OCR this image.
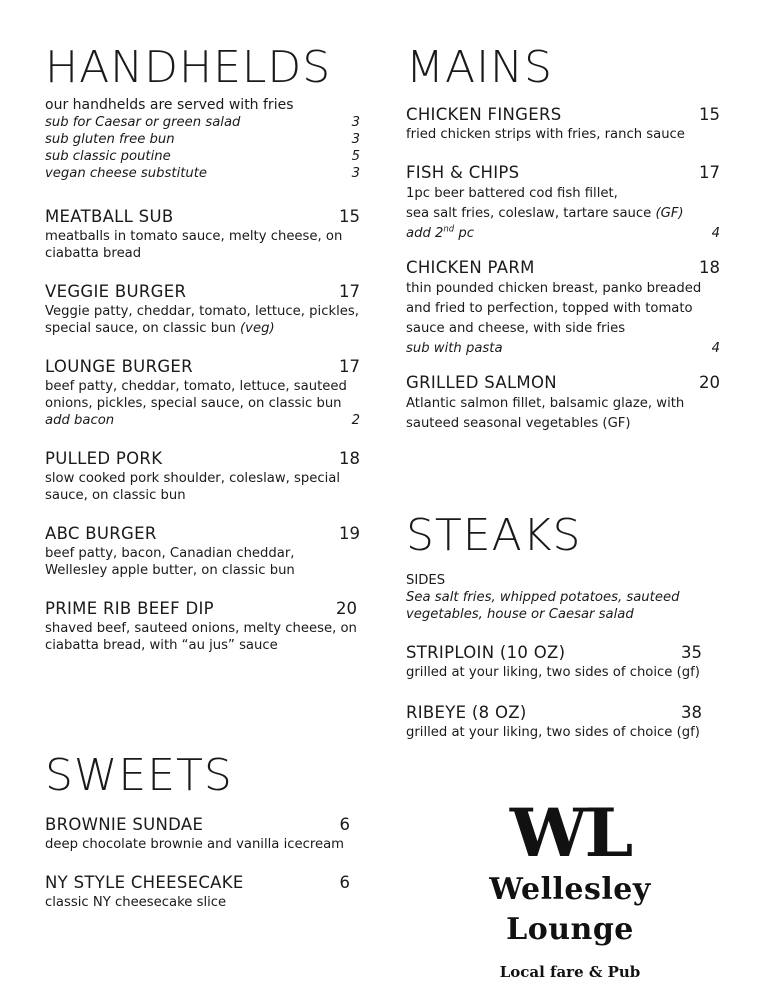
HANDHELDS
our handhelds are served with fries
sub for Caesar or green salad	3
sub gluten free bun	3
sub classic poutine	5
vegan cheese substitute	3
MEATBALL SUB	15
meatballs in tomato sauce, melty cheese, on ciabatta bread
VEGGIE BURGER	17
Veggie patty, cheddar, tomato, lettuce, pickles, special sauce, on classic bun (veg)
LOUNGE BURGER	17
beef patty, cheddar, tomato, lettuce, sauteed onions, pickles, special sauce, on classic bun
add bacon	2
PULLED PORK	18
slow cooked pork shoulder, coleslaw, special sauce, on classic bun
ABC BURGER	19
beef patty, bacon, Canadian cheddar, Wellesley apple butter, on classic bun
PRIME RIB BEEF DIP	20
shaved beef, sauteed onions, melty cheese, on ciabatta bread, with “au jus” sauce
MAINS
CHICKEN FINGERS	15
fried chicken strips with fries, ranch sauce
FISH & CHIPS	17
1pc beer battered cod fish fillet,
sea salt fries, coleslaw, tartare sauce (GF)
add 2nd pc	4
CHICKEN PARM	18
thin pounded chicken breast, panko breaded and fried to perfection, topped with tomato sauce and cheese, with side fries
sub with pasta	4
GRILLED SALMON	20
Atlantic salmon fillet, balsamic glaze, with sauteed seasonal vegetables (GF)
STEAKS
SIDES
Sea salt fries, whipped potatoes, sauteed vegetables, house or Caesar salad
STRIPLOIN (10 OZ)	35
grilled at your liking, two sides of choice (gf)
RIBEYE (8 OZ)	38
grilled at your liking, two sides of choice (gf)
SWEETS
BROWNIE SUNDAE	6
deep chocolate brownie and vanilla icecream
NY STYLE CHEESECAKE	6
classic NY cheesecake slice
WL
Wellesley Lounge
Local fare & Pub
